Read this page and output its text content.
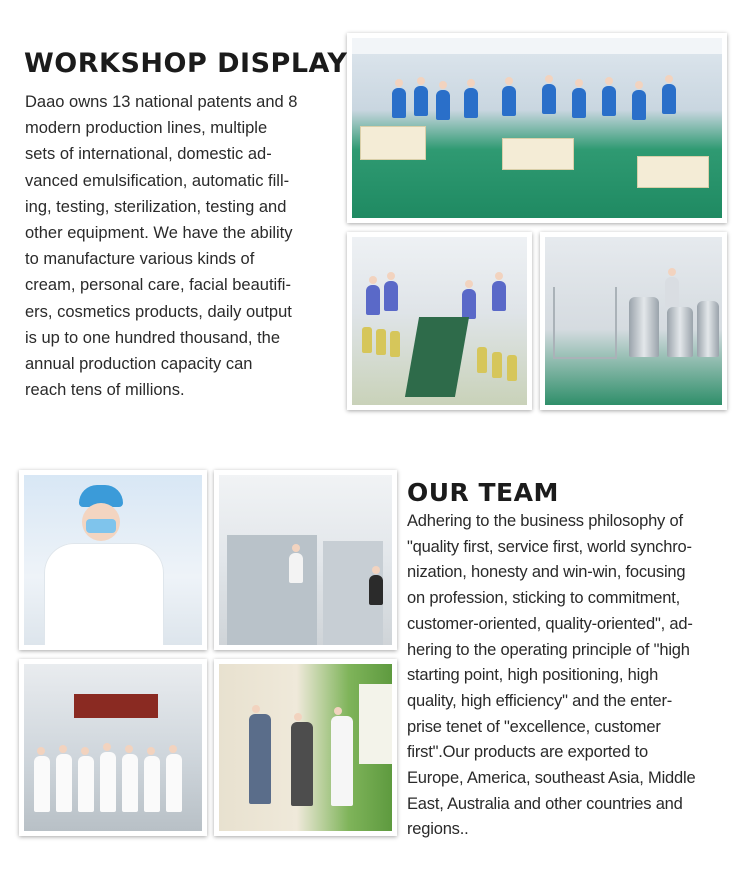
WORKSHOP DISPLAY
Daao owns 13 national patents and 8
modern production lines, multiple
sets of international, domestic ad-
vanced emulsification, automatic fill-
ing, testing, sterilization, testing and
other equipment. We have the ability
to manufacture various kinds of
cream, personal care, facial beautifi-
ers, cosmetics products, daily output
is up to one hundred thousand, the
annual production capacity can
reach tens of millions.
OUR TEAM
Adhering to the business philosophy of
"quality first, service first, world synchro-
nization, honesty and win-win, focusing
on profession, sticking to commitment,
customer-oriented, quality-oriented", ad-
hering to the operating principle of "high
starting point, high positioning, high
quality, high efficiency" and the enter-
prise tenet of "excellence, customer
first".Our products are exported to
Europe, America, southeast Asia, Middle
East, Australia and other countries and
regions..
